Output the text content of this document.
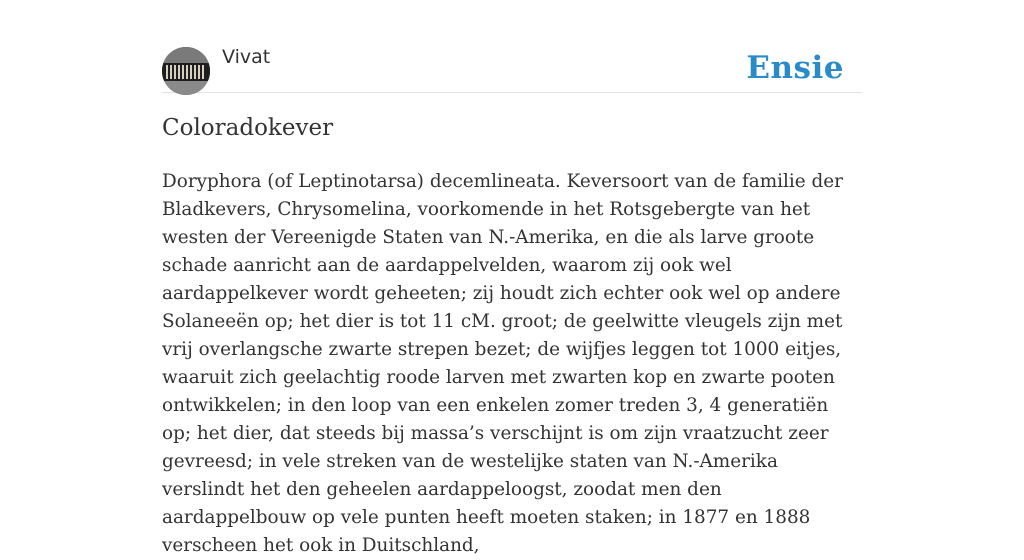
Vivat	Ensie
Coloradokever

Doryphora (of Leptinotarsa) decemlineata. Keversoort van de familie der Bladkevers, Chrysomelina, voorkomende in het Rotsgebergte van het westen der Vereenigde Staten van N.-Amerika, en die als larve groote schade aanricht aan de aardappelvelden, waarom zij ook wel aardappelkever wordt geheeten; zij houdt zich echter ook wel op andere Solaneeën op; het dier is tot 11 cM. groot; de geelwitte vleugels zijn met vrij overlangsche zwarte strepen bezet; de wijfjes leggen tot 1000 eitjes, waaruit zich geelachtig roode larven met zwarten kop en zwarte pooten ontwikkelen; in den loop van een enkelen zomer treden 3, 4 generatiën op; het dier, dat steeds bij massa’s verschijnt is om zijn vraatzucht zeer gevreesd; in vele streken van de westelijke staten van N.-Amerika verslindt het den geheelen aardappeloogst, zoodat men den aardappelbouw op vele punten heeft moeten staken; in 1877 en 1888 verscheen het ook in Duitschland,
